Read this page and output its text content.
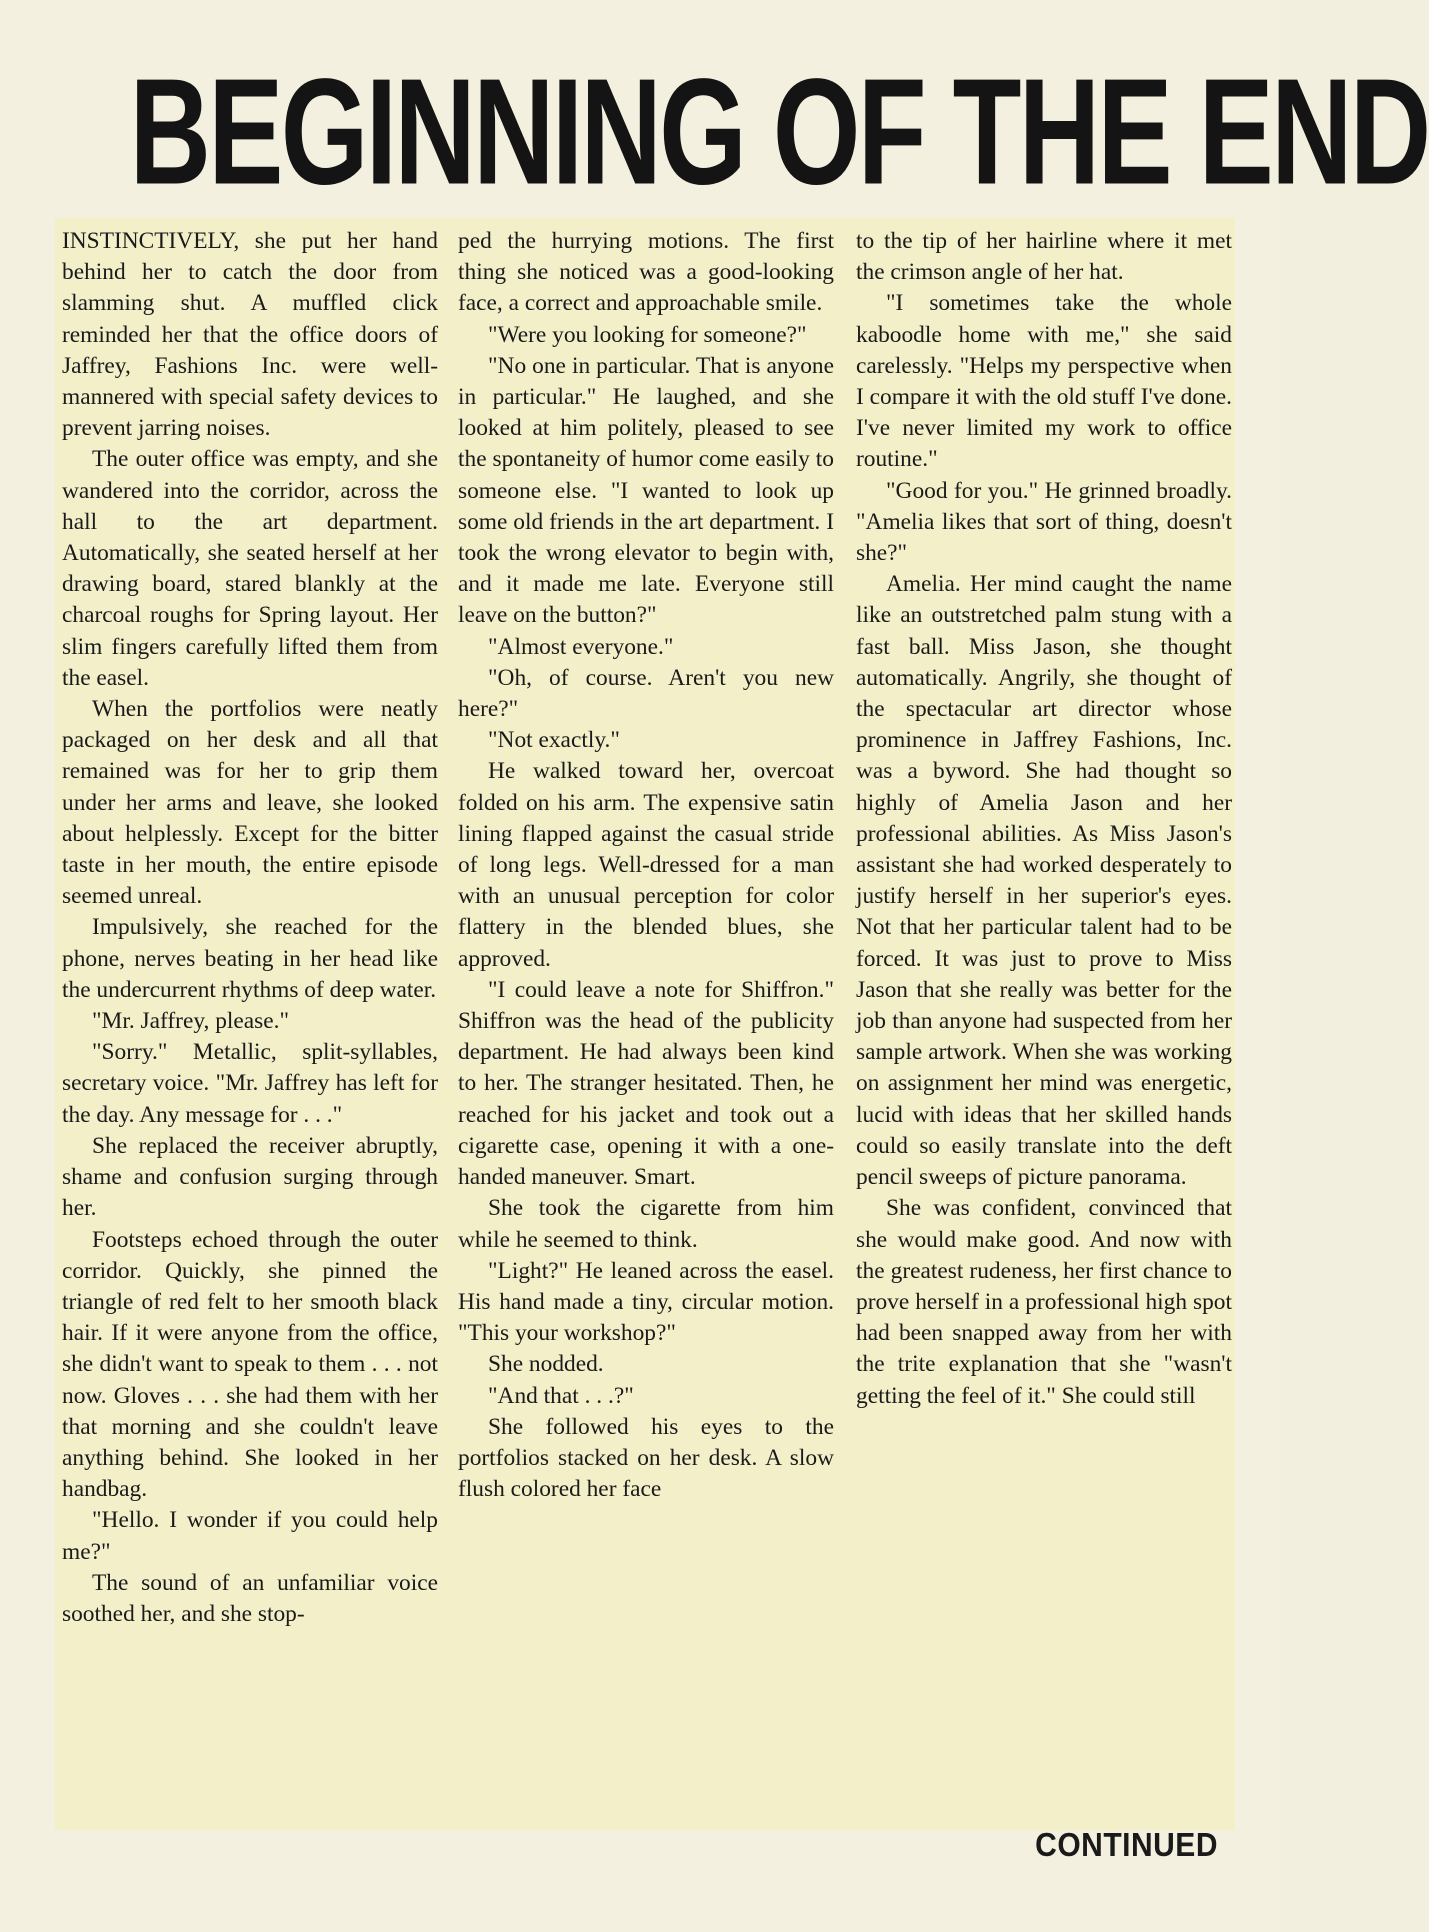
BEGINNING OF THE END

INSTINCTIVELY, she put her hand behind her to catch the door from slamming shut. A muffled click reminded her that the office doors of Jaffrey, Fashions Inc. were well-mannered with special safety devices to prevent jarring noises.

The outer office was empty, and she wandered into the corridor, across the hall to the art department. Automatically, she seated herself at her drawing board, stared blankly at the charcoal roughs for Spring layout. Her slim fingers carefully lifted them from the easel.

When the portfolios were neatly packaged on her desk and all that remained was for her to grip them under her arms and leave, she looked about helplessly. Except for the bitter taste in her mouth, the entire episode seemed unreal.

Impulsively, she reached for the phone, nerves beating in her head like the undercurrent rhythms of deep water.

"Mr. Jaffrey, please."

"Sorry." Metallic, split-syllables, secretary voice. "Mr. Jaffrey has left for the day. Any message for . . ."

She replaced the receiver abruptly, shame and confusion surging through her.

Footsteps echoed through the outer corridor. Quickly, she pinned the triangle of red felt to her smooth black hair. If it were anyone from the office, she didn't want to speak to them . . . not now. Gloves . . . she had them with her that morning and she couldn't leave anything behind. She looked in her handbag.

"Hello. I wonder if you could help me?"

The sound of an unfamiliar voice soothed her, and she stop-

ped the hurrying motions. The first thing she noticed was a good-looking face, a correct and approachable smile.

"Were you looking for someone?"

"No one in particular. That is anyone in particular." He laughed, and she looked at him politely, pleased to see the spontaneity of humor come easily to someone else. "I wanted to look up some old friends in the art department. I took the wrong elevator to begin with, and it made me late. Everyone still leave on the button?"

"Almost everyone."

"Oh, of course. Aren't you new here?"

"Not exactly."

He walked toward her, overcoat folded on his arm. The expensive satin lining flapped against the casual stride of long legs. Well-dressed for a man with an unusual perception for color flattery in the blended blues, she approved.

"I could leave a note for Shiffron." Shiffron was the head of the publicity department. He had always been kind to her. The stranger hesitated. Then, he reached for his jacket and took out a cigarette case, opening it with a one-handed maneuver. Smart.

She took the cigarette from him while he seemed to think.

"Light?" He leaned across the easel. His hand made a tiny, circular motion. "This your workshop?"

She nodded.

"And that . . .?"

She followed his eyes to the portfolios stacked on her desk. A slow flush colored her face

to the tip of her hairline where it met the crimson angle of her hat.

"I sometimes take the whole kaboodle home with me," she said carelessly. "Helps my perspective when I compare it with the old stuff I've done. I've never limited my work to office routine."

"Good for you." He grinned broadly. "Amelia likes that sort of thing, doesn't she?"

Amelia. Her mind caught the name like an outstretched palm stung with a fast ball. Miss Jason, she thought automatically. Angrily, she thought of the spectacular art director whose prominence in Jaffrey Fashions, Inc. was a byword. She had thought so highly of Amelia Jason and her professional abilities. As Miss Jason's assistant she had worked desperately to justify herself in her superior's eyes. Not that her particular talent had to be forced. It was just to prove to Miss Jason that she really was better for the job than anyone had suspected from her sample artwork. When she was working on assignment her mind was energetic, lucid with ideas that her skilled hands could so easily translate into the deft pencil sweeps of picture panorama.

She was confident, convinced that she would make good. And now with the greatest rudeness, her first chance to prove herself in a professional high spot had been snapped away from her with the trite explanation that she "wasn't getting the feel of it." She could still

CONTINUED
